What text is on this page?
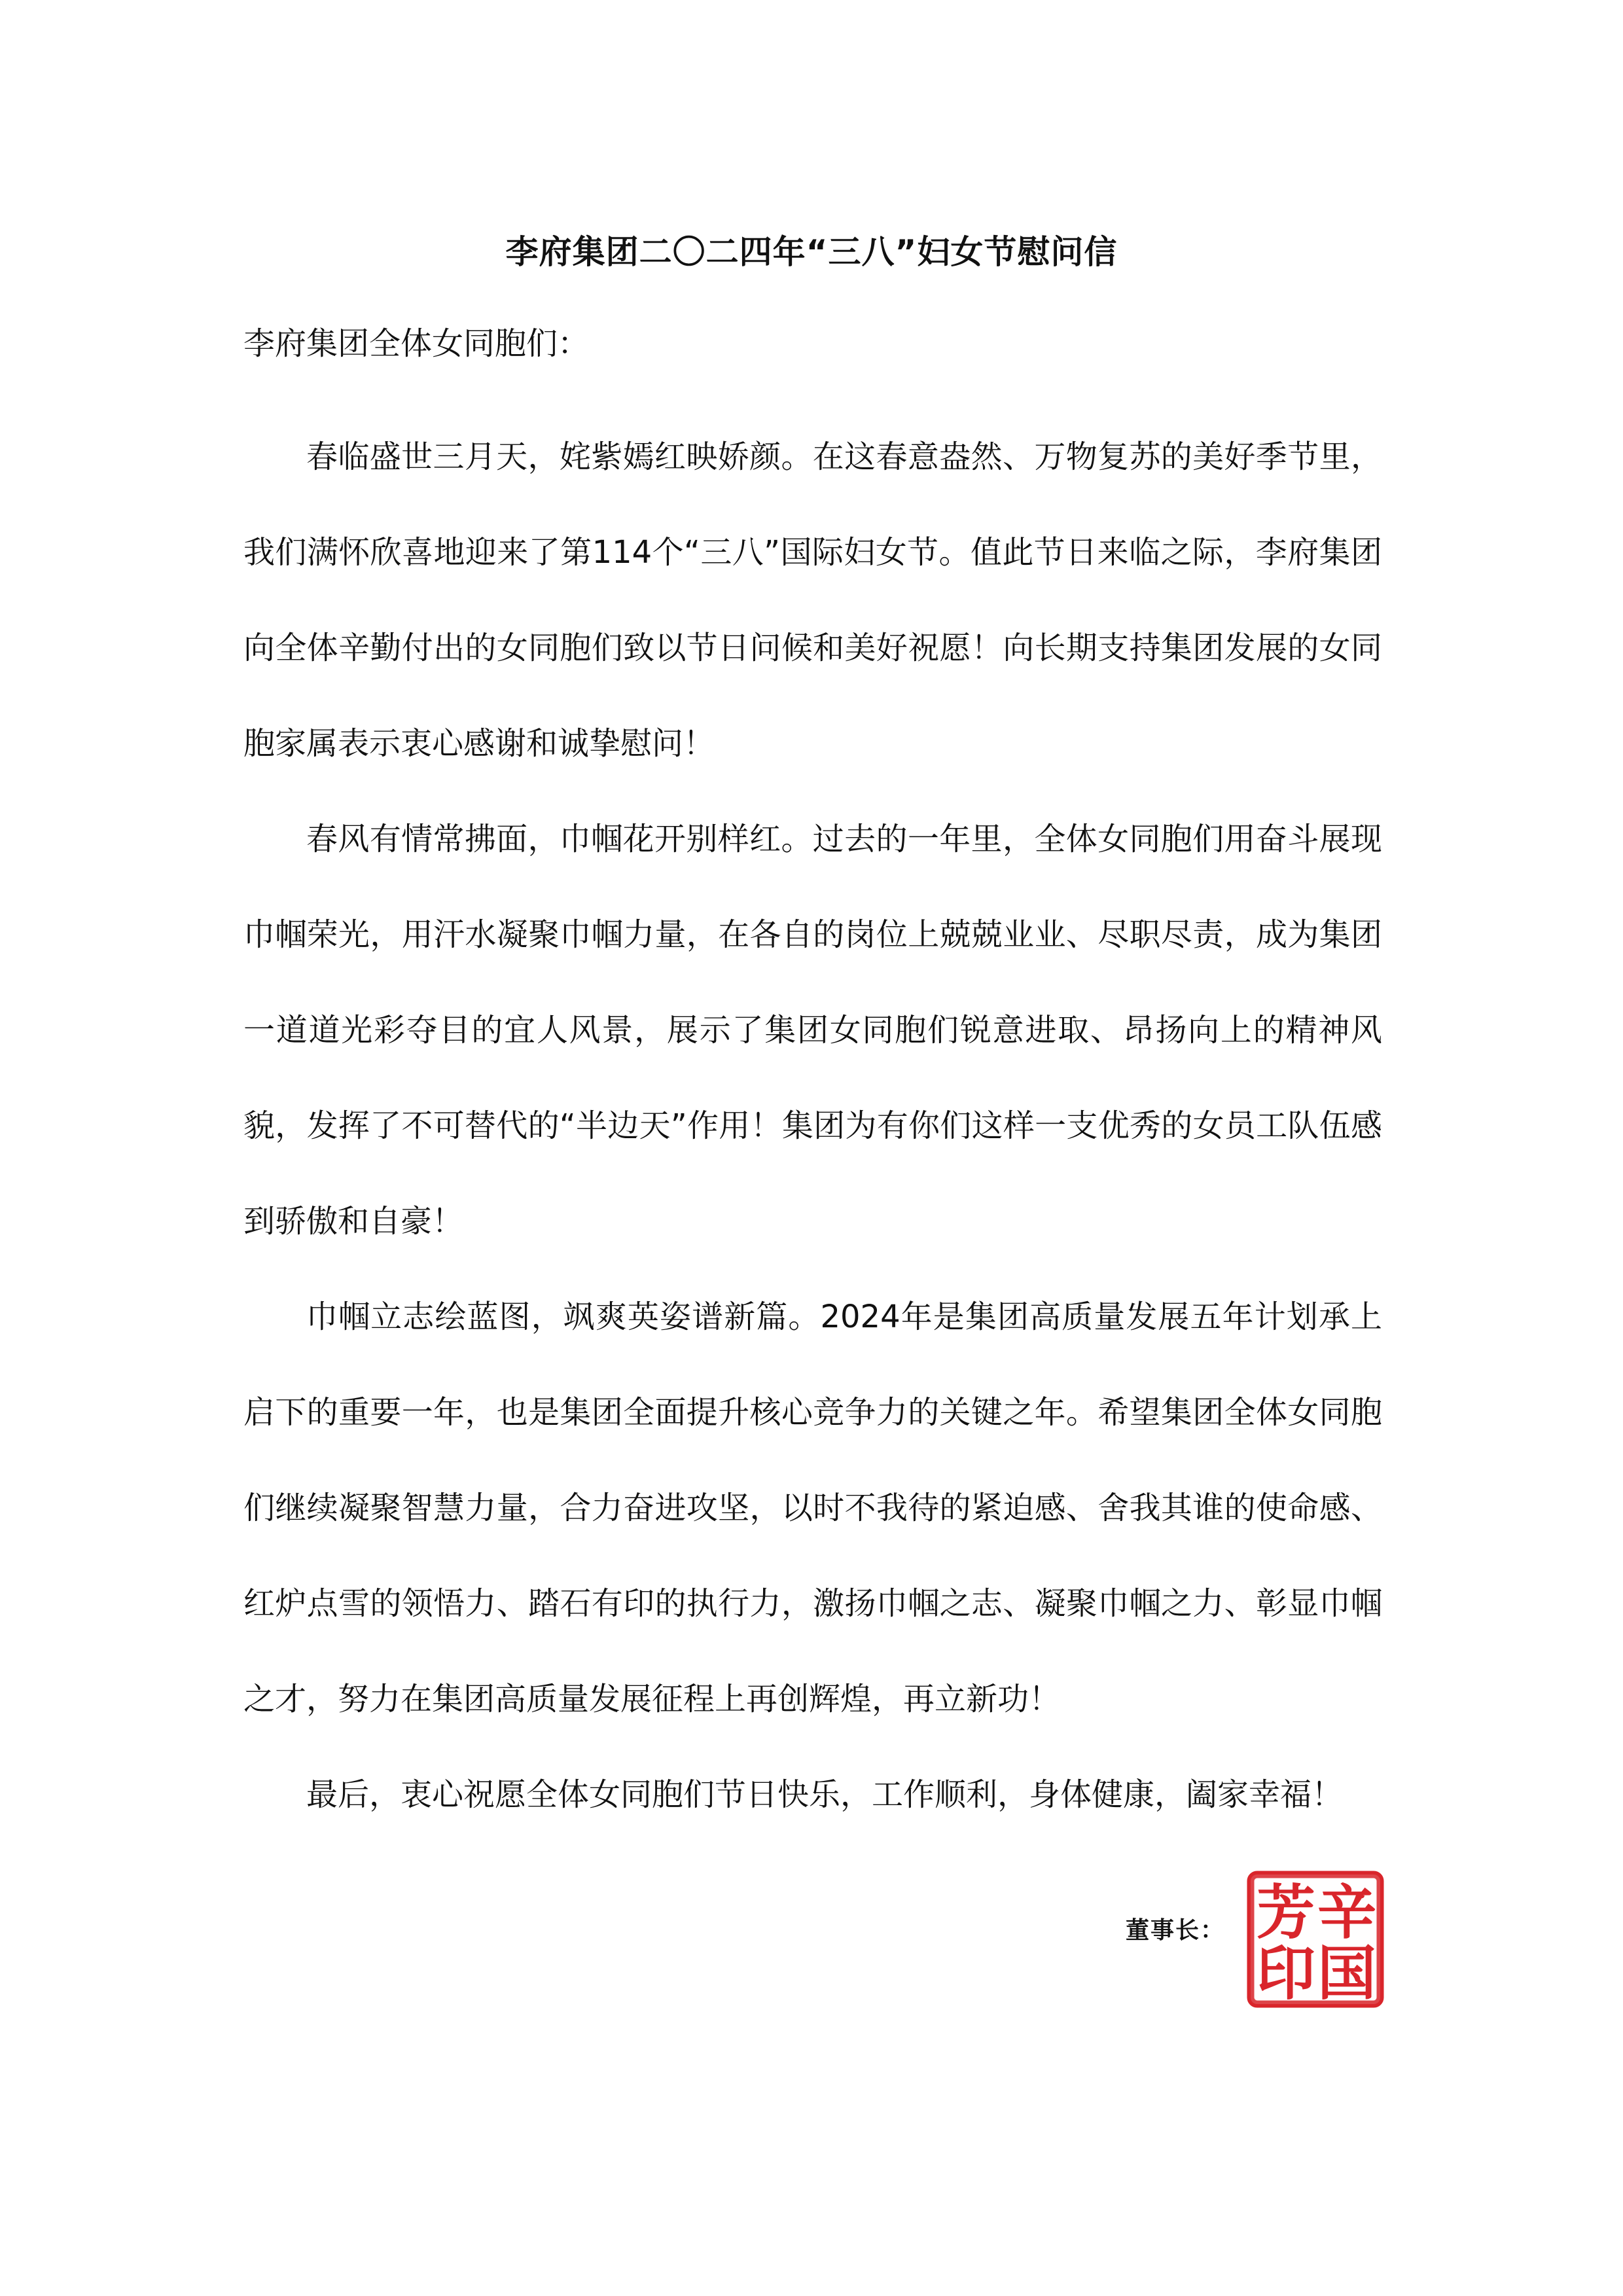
李府集团二〇二四年“三八”妇女节慰问信
李府集团全体女同胞们：

春临盛世三月天，姹紫嫣红映娇颜。在这春意盎然、万物复苏的美好季节里，我们满怀欣喜地迎来了第114个“三八”国际妇女节。值此节日来临之际，李府集团向全体辛勤付出的女同胞们致以节日问候和美好祝愿！向长期支持集团发展的女同胞家属表示衷心感谢和诚挚慰问！

春风有情常拂面，巾帼花开别样红。过去的一年里，全体女同胞们用奋斗展现巾帼荣光，用汗水凝聚巾帼力量，在各自的岗位上兢兢业业、尽职尽责，成为集团一道道光彩夺目的宜人风景，展示了集团女同胞们锐意进取、昂扬向上的精神风貌，发挥了不可替代的“半边天”作用！集团为有你们这样一支优秀的女员工队伍感到骄傲和自豪！

巾帼立志绘蓝图，飒爽英姿谱新篇。2024年是集团高质量发展五年计划承上启下的重要一年，也是集团全面提升核心竞争力的关键之年。希望集团全体女同胞们继续凝聚智慧力量，合力奋进攻坚，以时不我待的紧迫感、舍我其谁的使命感、红炉点雪的领悟力、踏石有印的执行力，激扬巾帼之志、凝聚巾帼之力、彰显巾帼之才，努力在集团高质量发展征程上再创辉煌，再立新功！

最后，衷心祝愿全体女同胞们节日快乐，工作顺利，身体健康，阖家幸福！

董事长： 辛
芳
国
印
